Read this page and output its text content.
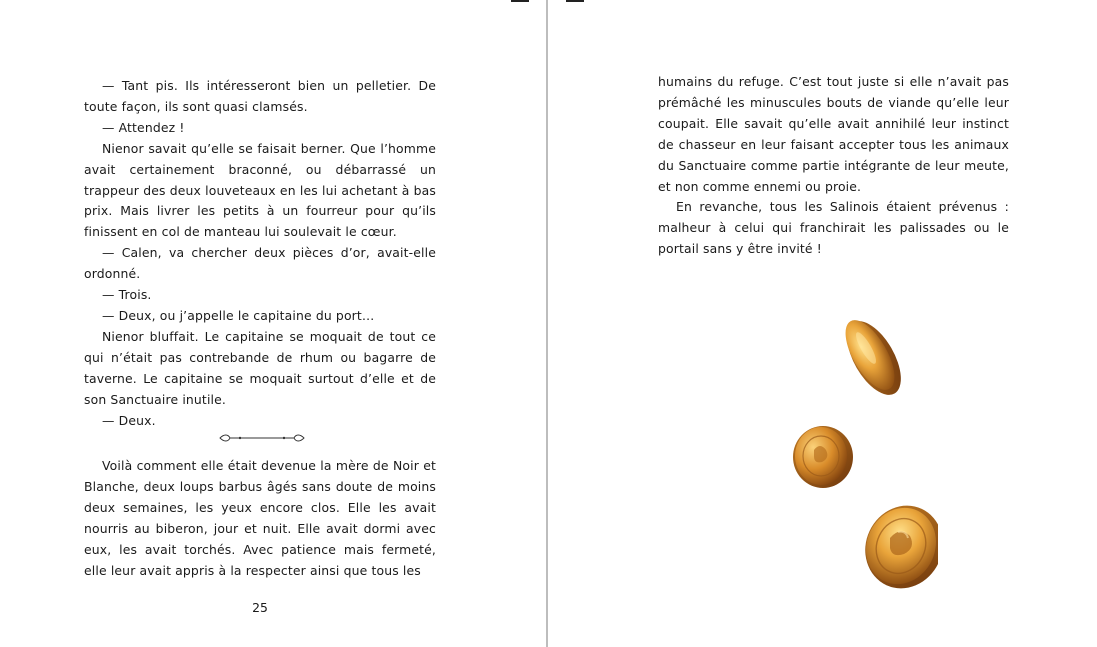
— Tant pis. Ils intéresseront bien un pelletier. De toute façon, ils sont quasi clamsés.

— Attendez !

Nienor savait qu’elle se faisait berner. Que l’homme avait certainement braconné, ou débarrassé un trappeur des deux louveteaux en les lui achetant à bas prix. Mais livrer les petits à un fourreur pour qu’ils finissent en col de manteau lui soulevait le cœur.

— Calen, va chercher deux pièces d’or, avait-elle ordonné.

— Trois.

— Deux, ou j’appelle le capitaine du port…

Nienor bluffait. Le capitaine se moquait de tout ce qui n’était pas contrebande de rhum ou bagarre de taverne. Le capitaine se moquait surtout d’elle et de son Sanctuaire inutile.

— Deux.

Voilà comment elle était devenue la mère de Noir et Blanche, deux loups barbus âgés sans doute de moins deux semaines, les yeux encore clos. Elle les avait nourris au biberon, jour et nuit. Elle avait dormi avec eux, les avait torchés. Avec patience mais fermeté, elle leur avait appris à la respecter ainsi que tous les

25

humains du refuge. C’est tout juste si elle n’avait pas prémâché les minuscules bouts de viande qu’elle leur coupait. Elle savait qu’elle avait annihilé leur instinct de chasseur en leur faisant accepter tous les animaux du Sanctuaire comme partie intégrante de leur meute, et non comme ennemi ou proie.

En revanche, tous les Salinois étaient prévenus : malheur à celui qui franchirait les palissades ou le portail sans y être invité !
